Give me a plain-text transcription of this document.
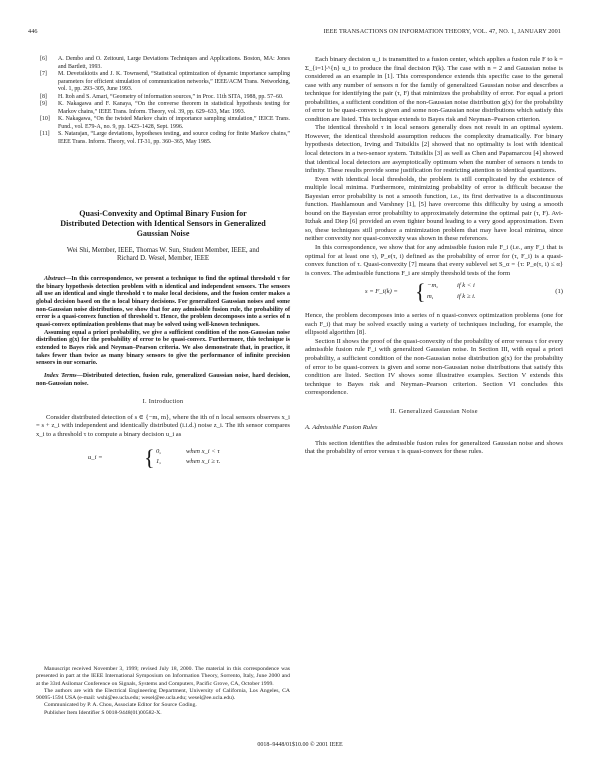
446	IEEE TRANSACTIONS ON INFORMATION THEORY, VOL. 47, NO. 1, JANUARY 2001
[6]	A. Dembo and O. Zeitouni, Large Deviations Techniques and Applications. Boston, MA: Jones and Bartlett, 1993.
[7]	M. Devetsikiotis and J. K. Townsend, “Statistical optimization of dynamic importance sampling parameters for efficient simulation of communication networks,” IEEE/ACM Trans. Networking, vol. 1, pp. 293–305, June 1993.
[8]	H. Itoh and S. Amari, “Geometry of information sources,” in Proc. 11th SITA, 1988, pp. 57–60.
[9]	K. Nakagawa and F. Kanaya, “On the converse theorem in statistical hypothesis testing for Markov chains,” IEEE Trans. Inform. Theory, vol. 39, pp. 629–633, Mar. 1993.
[10]	K. Nakagawa, “On the twisted Markov chain of importance sampling simulation,” IEICE Trans. Fund., vol. E79-A, no. 9, pp. 1423–1428, Sept. 1996.
[11]	S. Natarajan, “Large deviations, hypotheses testing, and source coding for finite Markov chains,” IEEE Trans. Inform. Theory, vol. IT-31, pp. 360–365, May 1985.
Quasi-Convexity and Optimal Binary Fusion for
Distributed Detection with Identical Sensors in Generalized
Gaussian Noise
Wei Shi, Member, IEEE, Thomas W. Sun, Student Member, IEEE, and
Richard D. Wesel, Member, IEEE

Abstract—In this correspondence, we present a technique to find the optimal threshold τ for the binary hypothesis detection problem with n identical and independent sensors. The sensors all use an identical and single threshold τ to make local decisions, and the fusion center makes a global decision based on the n local binary decisions. For generalized Gaussian noises and some non-Gaussian noise distributions, we show that for any admissible fusion rule, the probability of error is a quasi-convex function of threshold τ. Hence, the problem decomposes into a series of n quasi-convex optimization problems that may be solved using well-known techniques.

Assuming equal a priori probability, we give a sufficient condition of the non-Gaussian noise distribution g(x) for the probability of error to be quasi-convex. Furthermore, this technique is extended to Bayes risk and Neyman–Pearson criteria. We also demonstrate that, in practice, it takes fewer than twice as many binary sensors to give the performance of infinite precision sensors in our scenario.

Index Terms—Distributed detection, fusion rule, generalized Gaussian noise, hard decision, non-Gaussian noise.

I. Introduction

Consider distributed detection of s ∈ {−m, m}, where the ith of n local sensors observes x_i = s + z_i with independent and identically distributed (i.i.d.) noise z_i. The ith sensor compares x_i to a threshold τ to compute a binary decision u_i as

u_i = { 0,	when x_i < τ
1,	when x_i ≥ τ.

Manuscript received November 3, 1999; revised July 18, 2000. The material in this correspondence was presented in part at the IEEE International Symposium on Information Theory, Sorrento, Italy, June 2000 and at the 33rd Asilomar Conference on Signals, Systems and Computers, Pacific Grove, CA, October 1999.

The authors are with the Electrical Engineering Department, University of California, Los Angeles, CA 90095-1594 USA (e-mail: wshi@ee.ucla.edu; wesel@ee.ucla.edu; wesel@ee.ucla.edu).

Communicated by P. A. Chou, Associate Editor for Source Coding.

Publisher Item Identifier S 0018-9448(01)00582-X.

Each binary decision u_i is transmitted to a fusion center, which applies a fusion rule F to k = Σ_{i=1}^{n} u_i to produce the final decision F(k). The case with n = 2 and Gaussian noise is considered as an example in [1]. This correspondence extends this specific case to the general case with any number of sensors n for the family of generalized Gaussian noise and describes a technique for identifying the pair (τ, F) that minimizes the probability of error. For equal a priori probabilities, a sufficient condition of the non-Gaussian noise distribution g(x) for the probability of error to be quasi-convex is given and some non-Gaussian noise distributions which satisfy this condition are listed. This technique extends to Bayes risk and Neyman–Pearson criterion.

The identical threshold τ in local sensors generally does not result in an optimal system. However, the identical threshold assumption reduces the complexity dramatically. For binary hypothesis detection, Irving and Tsitsiklis [2] showed that no optimality is lost with identical local detectors in a two-sensor system. Tsitsiklis [3] as well as Chen and Papamarcou [4] showed that identical local detectors are asymptotically optimum when the number of sensors n tends to infinity. These results provide some justification for restricting attention to identical quantizers.

Even with identical local thresholds, the problem is still complicated by the existence of multiple local minima. Furthermore, minimizing probability of error is difficult because the Bayesian error probability is not a smooth function, i.e., its first derivative is a discontinuous function. Hashlamoun and Varshney [1], [5] have overcome this difficulty by using a smooth bound on the Bayesian error probability to approximately determine the optimal pair (τ, F). Avi-Itzhak and Diep [6] provided an even tighter bound leading to a very good approximation. Even so, these techniques still produce a minimization problem that may have local minima, since neither convexity nor quasi-convexity was shown in these references.

In this correspondence, we show that for any admissible fusion rule F_i (i.e., any F_i that is optimal for at least one τ), P_e(τ, i) defined as the probability of error for (τ, F_i) is a quasi-convex function of τ. Quasi-convexity [7] means that every sublevel set S_α = {τ: P_e(τ, i) ≤ α} is convex. The admissible functions F_i are simply threshold tests of the form

s = F_i(k) = { −m,	if k < i
m,	if k ≥ i.
(1)

Hence, the problem decomposes into a series of n quasi-convex optimization problems (one for each F_i) that may be solved exactly using a variety of techniques including, for example, the ellipsoid algorithm [8].

Section II shows the proof of the quasi-convexity of the probability of error versus τ for every admissible fusion rule F_i with generalized Gaussian noise. In Section III, with equal a priori probability, a sufficient condition of the non-Gaussian noise distribution g(x) for the probability of error to be quasi-convex is given and some non-Gaussian noise distributions that satisfy this condition are listed. Section IV shows some illustrative examples. Section V extends this technique to Bayes risk and Neyman–Pearson criterion. Section VI concludes this correspondence.

II. Generalized Gaussian Noise
A. Admissible Fusion Rules

This section identifies the admissible fusion rules for generalized Gaussian noise and shows that the probability of error versus τ is quasi-convex for these rules.

0018–9448/01$10.00 © 2001 IEEE
